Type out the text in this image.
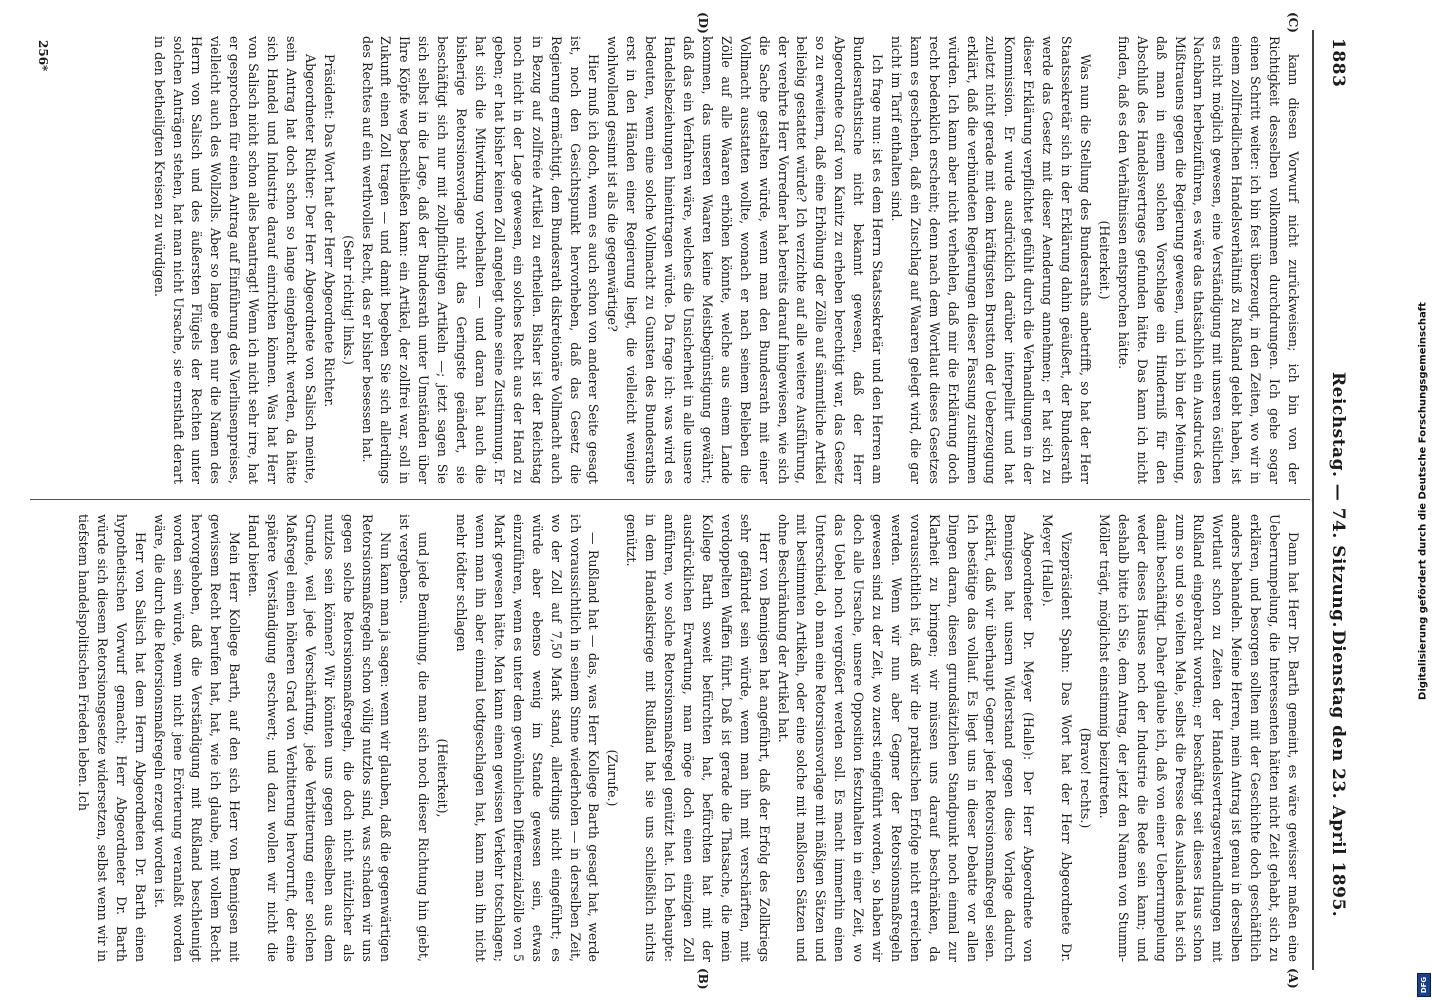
1883
Reichstag. — 74. Sitzung.
Dienstag den 23. April 1895.
(C)
(D)
(A)
(B)

kann diesen Vorwurf nicht zurückweisen; ich bin von der Richtigkeit desselben vollkommen durchdrungen. Ich gehe sogar einen Schritt weiter: ich bin fest überzeugt, in den Zeiten, wo wir in einem zollfriedlichen Handelsverhältniß zu Rußland gelebt haben, ist es nicht möglich gewesen, eine Verständigung mit unseren östlichen Nachbarn herbeizuführen, es wäre das thatsächlich ein Ausdruck des Mißtrauens gegen die Regierung gewesen, und ich bin der Meinung, daß man in einem solchen Vorschlage ein Hinderniß für den Abschluß des Handelsvertrages gefunden hätte. Das kann ich nicht finden, daß es den Verhältnissen entsprochen hätte.

(Heiterkeit.)

Was nun die Stellung des Bundesraths anbetrifft, so hat der Herr Staatssekretär sich in der Erklärung dahin geäußert, der Bundesrath werde das Gesetz mit dieser Aenderung annehmen; er hat sich zu dieser Erklärung verpflichtet gefühlt durch die Verhandlungen in der Kommission. Er wurde ausdrücklich darüber interpellirt und hat zuletzt nicht gerade mit dem kräftigsten Brustton der Ueberzeugung erklärt, daß die verbündeten Regierungen dieser Fassung zustimmen würden. Ich kann aber nicht verhehlen, daß mir die Erklärung doch recht bedenklich erscheint; denn nach dem Wortlaut dieses Gesetzes kann es geschehen, daß ein Zuschlag auf Waaren gelegt wird, die gar nicht im Tarif enthalten sind.

Ich frage nun: ist es dem Herrn Staatssekretär und den Herren am Bundesrathstische nicht bekannt gewesen, daß der Herr Abgeordnete Graf von Kanitz zu erheben berechtigt war, das Gesetz so zu erweitern, daß eine Erhöhung der Zölle auf sämmtliche Artikel beliebig gestattet würde? Ich verzichte auf alle weitere Ausführung, der verehrte Herr Vorredner hat bereits darauf hingewiesen, wie sich die Sache gestalten würde, wenn man den Bundesrath mit einer Vollmacht ausstatten wollte, wonach er nach seinem Belieben die Zölle auf alle Waaren erhöhen könnte, welche aus einem Lande kommen, das unseren Waaren keine Meistbegünstigung gewährt; daß das ein Verfahren wäre, welches die Unsicherheit in alle unsere Handelsbeziehungen hineintragen würde. Da frage ich: was wird es bedeuten, wenn eine solche Vollmacht zu Gunsten des Bundesraths erst in den Händen einer Regierung liegt, die vielleicht weniger wohlwollend gesinnt ist als die gegenwärtige?

Hier muß ich doch, wenn es auch schon von anderer Seite gesagt ist, noch den Gesichtspunkt hervorheben, daß das Gesetz die Regierung ermächtigt, dem Bundesrath diskretionäre Vollmacht auch in Bezug auf zollfreie Artikel zu ertheilen. Bisher ist der Reichstag noch nicht in der Lage gewesen, ein solches Recht aus der Hand zu geben; er hat bisher keinen Zoll angelegt ohne seine Zustimmung. Er hat sich die Mitwirkung vorbehalten — und daran hat auch die bisherige Retorsionsvorlage nicht das Geringste geändert, sie beschäftigt sich nur mit zollpflichtigen Artikeln —; jetzt sagen Sie sich selbst in die Lage, daß der Bundesrath unter Umständen über Ihre Köpfe weg beschließen kann: ein Artikel, der zollfrei war, soll in Zukunft einen Zoll tragen — und damit begeben Sie sich allerdings des Rechtes auf ein werthvolles Recht, das er bisher besessen hat.

(Sehr richtig! links.)

Präsident: Das Wort hat der Herr Abgeordnete Richter.

Abgeordneter Richter: Der Herr Abgeordnete von Salisch meinte, sein Antrag hat doch schon so lange eingebracht werden, da hätte sich Handel und Industrie darauf einrichten können. Was hat Herr von Salisch nicht schon alles beantragt! Wenn ich nicht sehr irre, hat er gesprochen für einen Antrag auf Einführung des Vierlinsenpreises, vielleicht auch des Wollzolls. Aber so lange eben nur die Namen des Herrn von Salisch und des äußersten Flügels der Rechten unter solchen Anträgen stehen, hat man nicht Ursache, sie ernsthaft derart in den betheiligten Kreisen zu würdigen.

Dann hat Herr Dr. Barth gemeint, es wäre gewisser maßen eine Ueberrumpelung, die Interessenten hätten nicht Zeit gehabt, sich zu erklären, und besorgen sollten mit der Geschichte doch geschäftlich anders behandeln. Meine Herren, mein Antrag ist genau in derselben Wortlaut schon zu Zeiten der Handelsvertragsverhandlungen mit Rußland eingebracht worden; er beschäftigt seit dieses Haus schon zum so und so vielten Male, selbst die Presse des Auslandes hat sich damit beschäftigt. Daher glaube ich, daß von einer Ueberrumpelung weder dieses Hauses noch der Industrie die Rede sein kann; und deshalb bitte ich Sie, dem Antrag, der jetzt den Namen von Stumm-Möller trägt, möglichst einstimmig beizutreten.

(Bravo! rechts.)

Vizepräsident Spahn: Das Wort hat der Herr Abgeordnete Dr. Meyer (Halle).

Abgeordneter Dr. Meyer (Halle): Der Herr Abgeordnete von Bennigsen hat unsern Widerstand gegen diese Vorlage dadurch erklärt, daß wir überhaupt Gegner jeder Retorsionsmaßregel seien. Ich bestätige das vollauf. Es liegt uns in dieser Debatte vor allen Dingen daran, diesen grundsätzlichen Standpunkt noch einmal zur Klarheit zu bringen; wir müssen uns darauf beschränken, da voraussichtlich ist, daß wir die praktischen Erfolge nicht erreichen werden. Wenn wir nun aber Gegner der Retorsionsmaßregeln gewesen sind zu der Zeit, wo zuerst eingeführt worden, so haben wir doch alle Ursache, unsere Opposition festzuhalten in einer Zeit, wo das Uebel noch vergrößert werden soll. Es macht immerhin einen Unterschied, ob man eine Retorsionsvorlage mit mäßigen Sätzen und mit bestimmten Artikeln, oder eine solche mit maßlosen Sätzen und ohne Beschränkung der Artikel hat.

Herr von Bennigsen hat angeführt, daß der Erfolg des Zollkriegs sehr gefährdet sein würde, wenn man ihn mit verschärften, mit verdoppelten Waffen führt. Daß ist gerade die Thatsache, die mein Kollege Barth soweit befürchten hat, befürchten hat mit der ausdrücklichen Erwartung, man möge doch einen einzigen Zoll anführen, wo solche Retorsionsmaßregel genützt hat. Ich behaupte: in dem Handelskriege mit Rußland hat sie uns schließlich nichts genützt.

(Zurufe.)

— Rußland hat — das, was Herr Kollege Barth gesagt hat, werde ich voraussichtlich in seinem Sinne wiederholen — in derselben Zeit, wo der Zoll auf 7,50 Mark stand, allerdings nicht eingeführt; es würde aber ebenso wenig im Stande gewesen sein, etwas einzuführen, wenn es unter dem gewöhnlichen Differenzialzölle von 5 Mark gewesen hätte. Man kann einen gewissen Verkehr totschlagen; wenn man ihn aber einmal todtgeschlagen hat, kann man ihn nicht mehr tödter schlagen

(Heiterkeit),

und jede Bemühung, die man sich noch dieser Richtung hin giebt, ist vergebens.

Nun kann man ja sagen: wenn wir glauben, daß die gegenwärtigen Retorsionsmaßregeln schon völlig nutzlos sind, was schaden wir uns gegen solche Retorsionsmaßregeln, die doch nicht nützlicher als nutzlos sein können? Wir könnten uns gegen dieselben aus dem Grunde, weil jede Verschärfung, jede Verbitterung einer solchen Maßregel einen höheren Grad von Verbitterung hervorruft, der eine spätere Verständigung erschwert; und dazu wollen wir nicht die Hand bieten.

Mein Herr Kollege Barth, auf den sich Herr von Bennigsen mit gewissem Recht berufen hat, hat, wie ich glaube, mit vollem Recht hervorgehoben, daß die Verständigung mit Rußland beschleunigt worden sein würde, wenn nicht jene Erörterung veranlaßt worden wäre, die durch die Retorsionsmaßregeln erzeugt worden ist.

Herr von Salisch hat dem Herrn Abgeordneten Dr. Barth einen hypothetischen Vorwurf gemacht; Herr Abgeordneter Dr. Barth würde sich diesem Retorsionsgesetze widersetzen, selbst wenn wir in tiefstem handelspolitischen Frieden leben. Ich

256*
Digitalisierung gefördert durch die Deutsche Forschungsgemeinschaft
DFG
